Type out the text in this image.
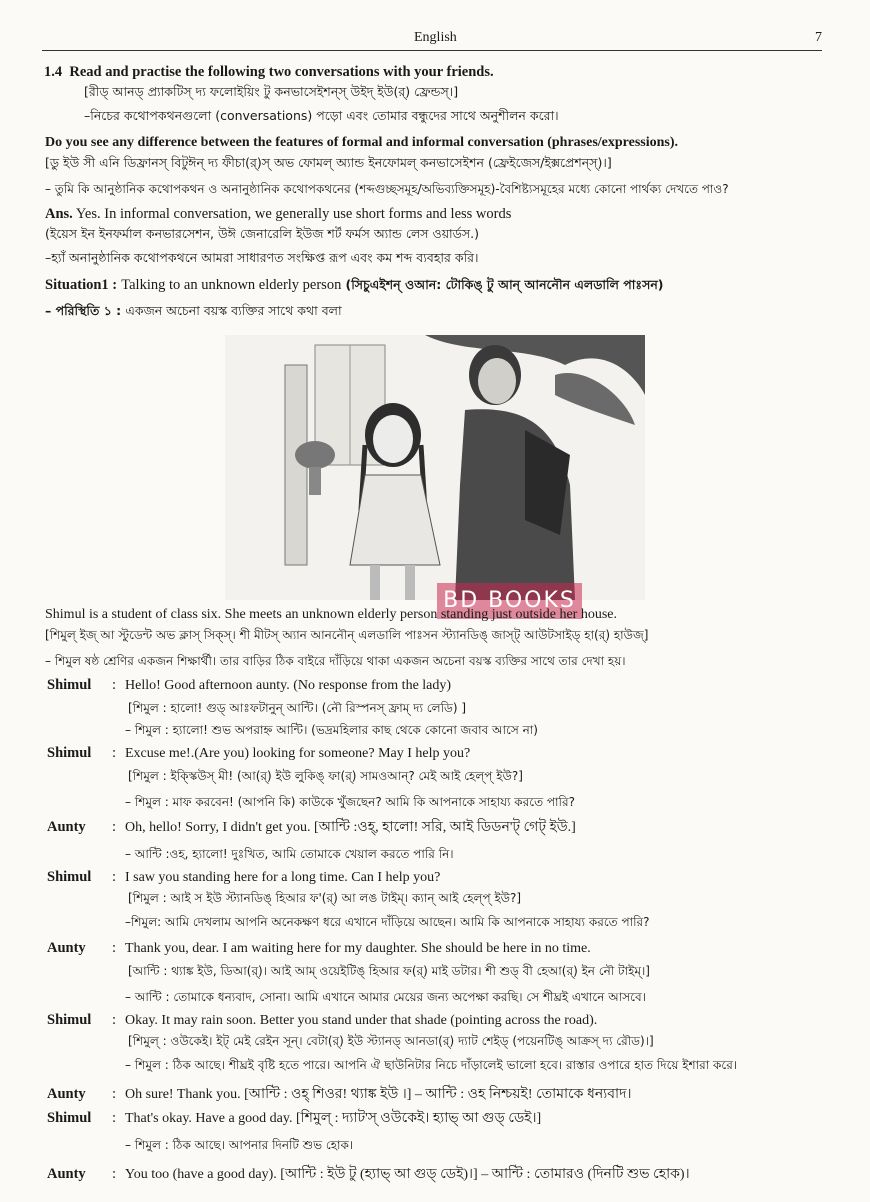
English	7
1.4 Read and practise the following two conversations with your friends.
[রীড্ আনড্ প্র্যাকটিস্ দ্য ফলোইয়িং টু কনভাসেইশন্স্ উইদ্ ইউ(র্) ফ্রেন্ডস্।]
–নিচের কথোপকথনগুলো (conversations) পড়ো এবং তোমার বন্ধুদের সাথে অনুশীলন করো।
Do you see any difference between the features of formal and informal conversation (phrases/expressions).
[ডু ইউ সী এনি ডিফ্রানস্ বিটুঈন্ দ্য ফীচা(র্)স্ অভ ফোমল্ অ্যান্ড ইনফোমল্ কনভাসেইশন (ফ্রেইজেস/ইক্সপ্রেশন্স্)।]
– তুমি কি আনুষ্ঠানিক কথোপকথন ও অনানুষ্ঠানিক কথোপকথনের (শব্দগুচ্ছসমূহ/অভিব্যক্তিসমূহ)-বৈশিষ্ট্যসমূহের মধ্যে কোনো পার্থক্য দেখতে পাও?
Ans. Yes. In informal conversation, we generally use short forms and less words
(ইয়েস ইন ইনফর্মাল কনভারসেশন, উঈ জেনারেলি ইউজ শর্ট ফর্মস অ্যান্ড লেস ওয়ার্ডস.)
–হ্যাঁ অনানুষ্ঠানিক কথোপকথনে আমরা সাধারণত সংক্ষিপ্ত রূপ এবং কম শব্দ ব্যবহার করি।
Situation1 : Talking to an unknown elderly person (সিচুএইশন্ ওআন: টোকিঙ্ টু আন্ আননৌন এলডালি পাঃসন)
– পরিস্থিতি ১ : একজন অচেনা বয়স্ক ব্যক্তির সাথে কথা বলা
BD BOOKS
Shimul is a student of class six. She meets an unknown elderly person standing just outside her house.
[শিমুল্ ইজ্ আ স্টুডেন্ট অভ ক্লাস্ সিক্স্। শী মীটস্ অ্যান আননৌন্ এলডালি পাঃসন স্ট্যানডিঙ্ জাস্ট্ আউটসাইড্ হা(র্) হাউজ্]
– শিমুল ষষ্ঠ শ্রেণির একজন শিক্ষার্থী। তার বাড়ির ঠিক বাইরে দাঁড়িয়ে থাকা একজন অচেনা বয়স্ক ব্যক্তির সাথে তার দেখা হয়।
Shimul : Hello! Good afternoon aunty. (No response from the lady)
[শিমুল : হালো! গুড্ আঃফটানুন্ আন্টি। (নৌ রিস্পনস্ ফ্রাম্ দ্য লেডি) ]
– শিমুল : হ্যালো! শুভ অপরাহ্ন আন্টি। (ভদ্রমহিলার কাছ থেকে কোনো জবাব আসে না)
Shimul : Excuse me!.(Are you) looking for someone? May I help you?
[শিমুল : ইক্স্কিউস্ মী! (আ(র্) ইউ লুকিঙ্ ফা(র্) সামওআন্? মেই আই হেল্প্ ইউ?]
– শিমুল : মাফ করবেন! (আপনি কি) কাউকে খুঁজছেন? আমি কি আপনাকে সাহায্য করতে পারি?
Aunty : Oh, hello! Sorry, I didn't get you. [আন্টি :ওহ্, হালো! সরি, আই ডিডন'ট্ গেট্ ইউ.]
– আন্টি :ওহ, হ্যালো! দুঃখিত, আমি তোমাকে খেয়াল করতে পারি নি।
Shimul : I saw you standing here for a long time. Can I help you?
[শিমুল : আই স ইউ স্ট্যানডিঙ্ হিআর ফ'(র্) আ লঙ টাইম্। ক্যান্ আই হেল্প্ ইউ?]
–শিমুল: আমি দেখলাম আপনি অনেকক্ষণ ধরে এখানে দাঁড়িয়ে আছেন। আমি কি আপনাকে সাহায্য করতে পারি?
Aunty : Thank you, dear. I am waiting here for my daughter. She should be here in no time.
[আন্টি : থ্যাঙ্ক ইউ, ডিআ(র্)। আই আম্ ওয়েইটিঙ্ হিআর ফ(র্) মাই ডটার। শী শুড্ বী হেআ(র্) ইন নৌ টাইম্।]
– আন্টি : তোমাকে ধন্যবাদ, সোনা। আমি এখানে আমার মেয়ের জন্য অপেক্ষা করছি। সে শীঘ্রই এখানে আসবে।
Shimul : Okay. It may rain soon. Better you stand under that shade (pointing across the road).
[শিমুল্ : ওউকেই। ইট্ মেই রেইন সূন্। বেটা(র্) ইউ স্ট্যানড্ আনডা(র্) দ্যাট শেইড্ (পয়েনটিঙ্ আক্রস্ দ্য রৌড)।]
– শিমুল : ঠিক আছে। শীঘ্রই বৃষ্টি হতে পারে। আপনি ঐ ছাউনিটার নিচে দাঁড়ালেই ভালো হবে। রাস্তার ওপারে হাত দিয়ে ইশারা করে।
Aunty : Oh sure! Thank you. [আন্টি : ওহ্ শিওর! থ্যাঙ্ক ইউ ।] – আন্টি : ওহ নিশ্চয়ই! তোমাকে ধন্যবাদ।
Shimul : That's okay. Have a good day. [শিমুল্ : দ্যাট'স্ ওউকেই। হ্যাভ্ আ গুড্ ডেই।]
– শিমুল : ঠিক আছে। আপনার দিনটি শুভ হোক।
Aunty : You too (have a good day). [আন্টি : ইউ টু (হ্যাভ্ আ গুড্ ডেই)।] – আন্টি : তোমারও (দিনটি শুভ হোক)।
